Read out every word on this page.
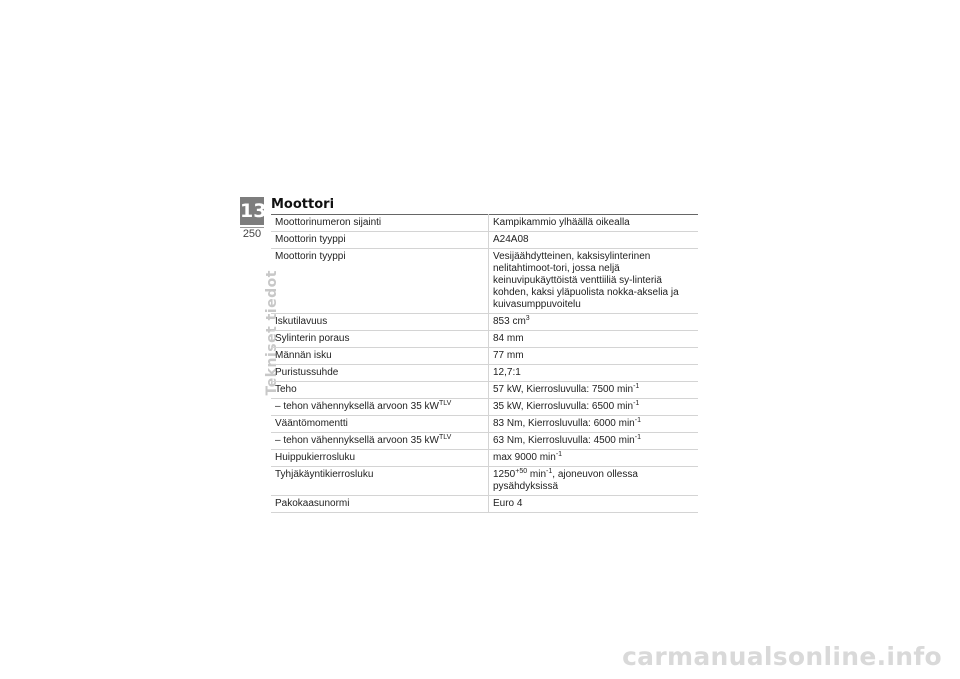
13
250
Tekniset tiedot
Moottori
Moottorinumeron sijainti	Kampikammio ylhäällä oikealla
Moottorin tyyppi	A24A08
Moottorin tyyppi	Vesijäähdytteinen, kaksisylinterinen nelitahtimoot-tori, jossa neljä keinuvipukäyttöistä venttiiliä sy-linteriä kohden, kaksi yläpuolista nokka-akselia ja kuivasumppuvoitelu
Iskutilavuus	853 $cm^3$
Sylinterin poraus	84 mm
Männän isku	77 mm
Puristussuhde	12,7:1
Teho	57 kW, Kierrosluvulla: 7500 $\min^{-1}$
– tehon vähennyksellä arvoon 35 $kW^{TLV}$	35 kW, Kierrosluvulla: 6500 $\min^{-1}$
Vääntömomentti	83 Nm, Kierrosluvulla: 6000 $\min^{-1}$
– tehon vähennyksellä arvoon 35 $kW^{TLV}$	63 Nm, Kierrosluvulla: 4500 $\min^{-1}$
Huippukierrosluku	max 9000 $\min^{-1}$
Tyhjäkäyntikierrosluku	$1250^{+50}$ $\min^{-1}$, ajoneuvon ollessa pysähdyksissä
Pakokaasunormi	Euro 4
carmanualsonline.info
